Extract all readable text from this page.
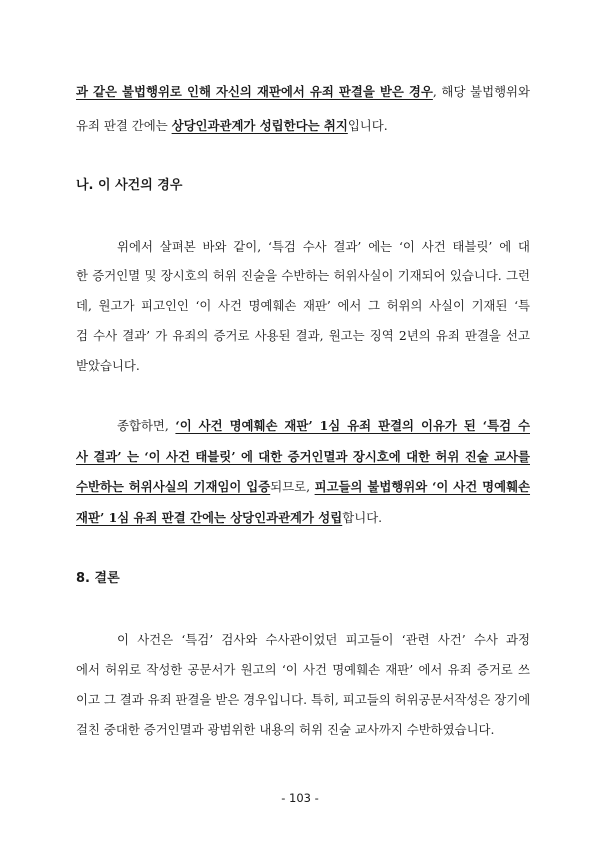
과 같은 불법행위로 인해 자신의 재판에서 유죄 판결을 받은 경우, 해당 불법행위와
유죄 판결 간에는 상당인과관계가 성립한다는 취지입니다.
나. 이 사건의 경우
위에서 살펴본 바와 같이, ‘특검 수사 결과’ 에는 ‘이 사건 태블릿’ 에 대
한 증거인멸 및 장시호의 허위 진술을 수반하는 허위사실이 기재되어 있습니다. 그런
데, 원고가 피고인인 ‘이 사건 명예훼손 재판’ 에서 그 허위의 사실이 기재된 ‘특
검 수사 결과’ 가 유죄의 증거로 사용된 결과, 원고는 징역 2년의 유죄 판결을 선고
받았습니다.
종합하면, ‘이 사건 명예훼손 재판’ 1심 유죄 판결의 이유가 된 ‘특검 수
사 결과’ 는 ‘이 사건 태블릿’ 에 대한 증거인멸과 장시호에 대한 허위 진술 교사를
수반하는 허위사실의 기재임이 입증되므로, 피고들의 불법행위와 ‘이 사건 명예훼손
재판’ 1심 유죄 판결 간에는 상당인과관계가 성립합니다.
8. 결론
이 사건은 ‘특검’ 검사와 수사관이었던 피고들이 ‘관련 사건’ 수사 과정
에서 허위로 작성한 공문서가 원고의 ‘이 사건 명예훼손 재판’ 에서 유죄 증거로 쓰
이고 그 결과 유죄 판결을 받은 경우입니다. 특히, 피고들의 허위공문서작성은 장기에
걸친 중대한 증거인멸과 광범위한 내용의 허위 진술 교사까지 수반하였습니다.
- 103 -
